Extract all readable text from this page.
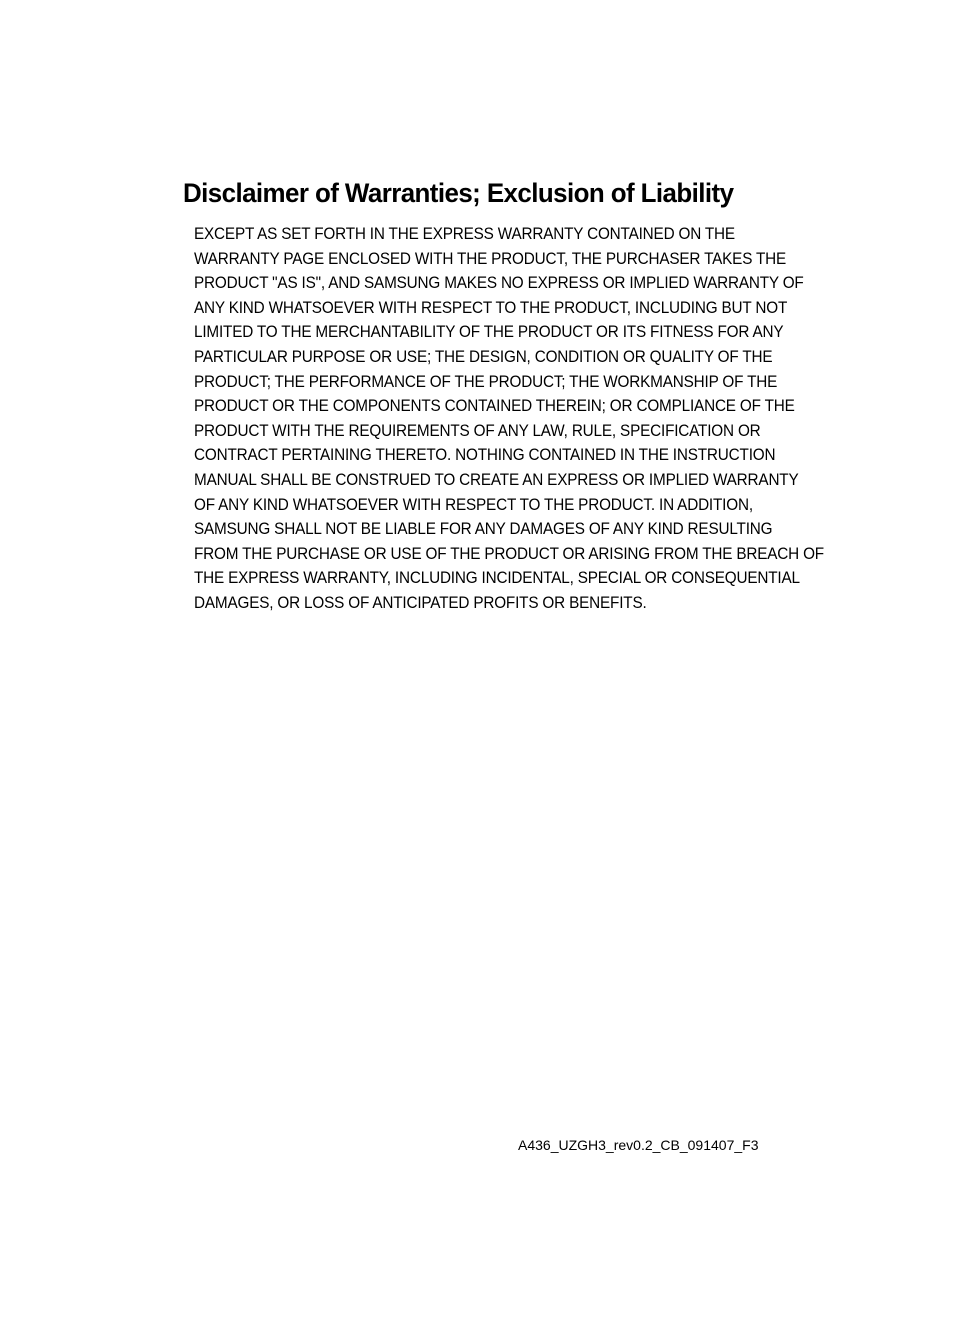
Disclaimer of Warranties; Exclusion of Liability
EXCEPT AS SET FORTH IN THE EXPRESS WARRANTY CONTAINED ON THE
WARRANTY PAGE ENCLOSED WITH THE PRODUCT, THE PURCHASER TAKES THE
PRODUCT "AS IS", AND SAMSUNG MAKES NO EXPRESS OR IMPLIED WARRANTY OF
ANY KIND WHATSOEVER WITH RESPECT TO THE PRODUCT, INCLUDING BUT NOT
LIMITED TO THE MERCHANTABILITY OF THE PRODUCT OR ITS FITNESS FOR ANY
PARTICULAR PURPOSE OR USE; THE DESIGN, CONDITION OR QUALITY OF THE
PRODUCT; THE PERFORMANCE OF THE PRODUCT; THE WORKMANSHIP OF THE
PRODUCT OR THE COMPONENTS CONTAINED THEREIN; OR COMPLIANCE OF THE
PRODUCT WITH THE REQUIREMENTS OF ANY LAW, RULE, SPECIFICATION OR
CONTRACT PERTAINING THERETO. NOTHING CONTAINED IN THE INSTRUCTION
MANUAL SHALL BE CONSTRUED TO CREATE AN EXPRESS OR IMPLIED WARRANTY
OF ANY KIND WHATSOEVER WITH RESPECT TO THE PRODUCT. IN ADDITION,
SAMSUNG SHALL NOT BE LIABLE FOR ANY DAMAGES OF ANY KIND RESULTING
FROM THE PURCHASE OR USE OF THE PRODUCT OR ARISING FROM THE BREACH OF
THE EXPRESS WARRANTY, INCLUDING INCIDENTAL, SPECIAL OR CONSEQUENTIAL
DAMAGES, OR LOSS OF ANTICIPATED PROFITS OR BENEFITS.

A436_UZGH3_rev0.2_CB_091407_F3
